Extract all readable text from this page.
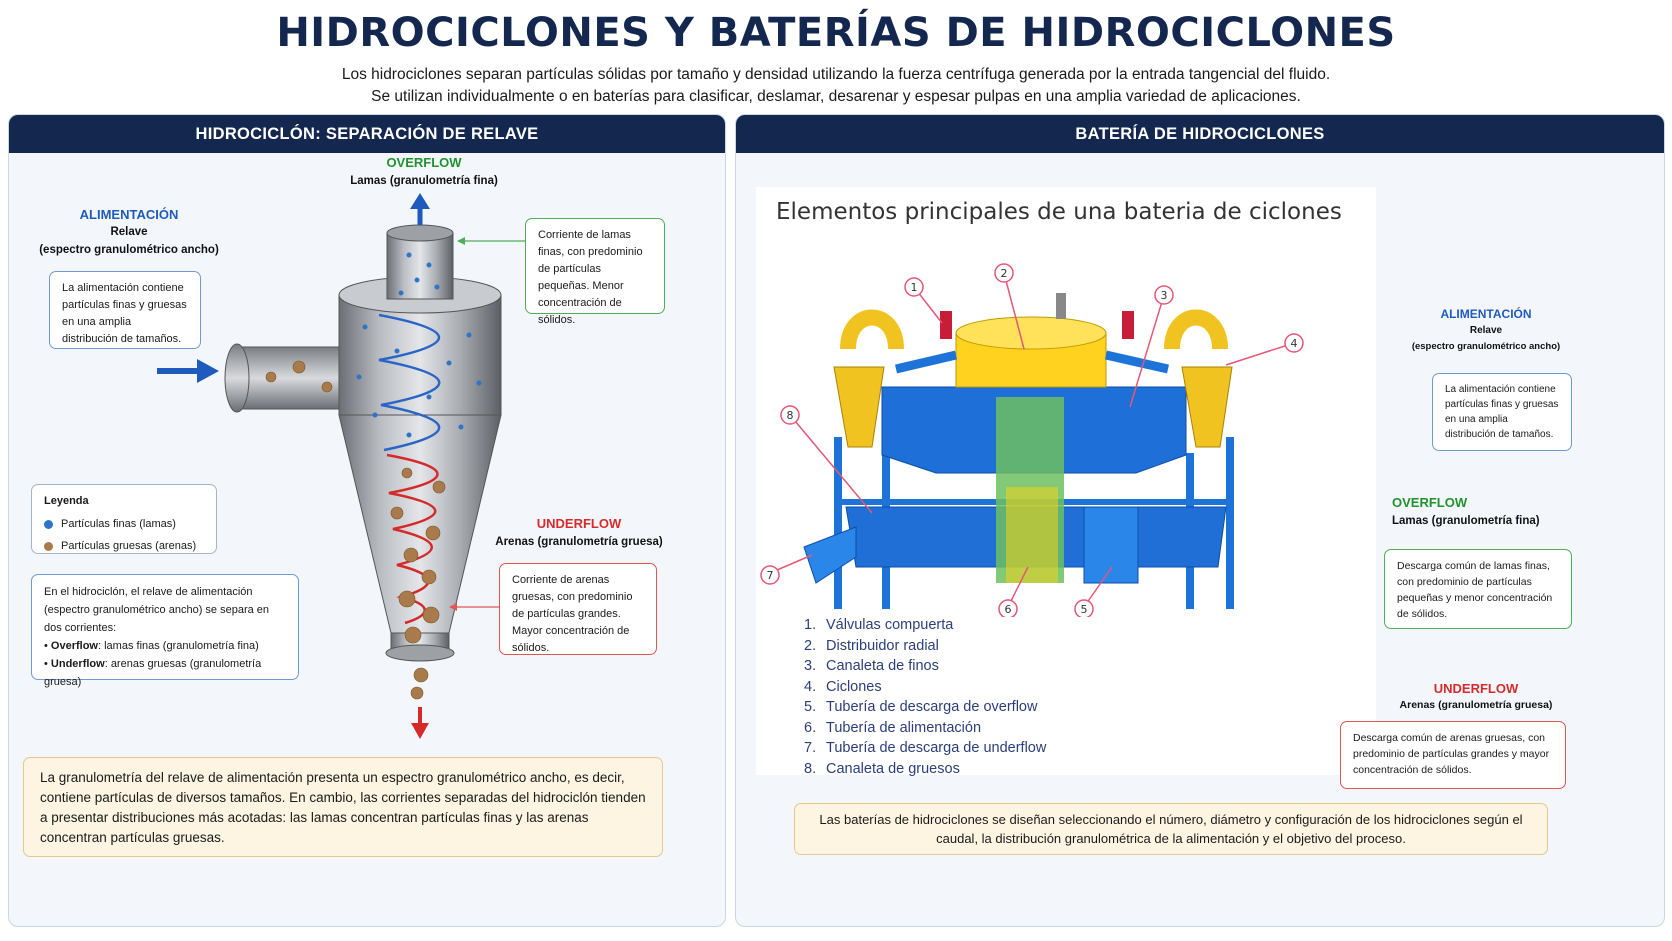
HIDROCICLONES Y BATERÍAS DE HIDROCICLONES
Los hidrociclones separan partículas sólidas por tamaño y densidad utilizando la fuerza centrífuga generada por la entrada tangencial del fluido.
Se utilizan individualmente o en baterías para clasificar, deslamar, desarenar y espesar pulpas en una amplia variedad de aplicaciones.
HIDROCICLÓN: SEPARACIÓN DE RELAVE
OVERFLOW
Lamas (granulometría fina)
ALIMENTACIÓN
Relave
(espectro granulométrico ancho)
La alimentación contiene partículas finas y gruesas en una amplia distribución de tamaños.
Corriente de lamas finas, con predominio de partículas pequeñas. Menor concentración de sólidos.
UNDERFLOW
Arenas (granulometría gruesa)
Corriente de arenas gruesas, con predominio de partículas grandes. Mayor concentración de sólidos.
Leyenda
Partículas finas (lamas)
Partículas gruesas (arenas)
En el hidrociclón, el relave de alimentación (espectro granulométrico ancho) se separa en dos corrientes:
• Overflow: lamas finas (granulometría fina)
• Underflow: arenas gruesas (granulometría gruesa)
La granulometría del relave de alimentación presenta un espectro granulométrico ancho, es decir, contiene partículas de diversos tamaños. En cambio, las corrientes separadas del hidrociclón tienden a presentar distribuciones más acotadas: las lamas concentran partículas finas y las arenas concentran partículas gruesas.
BATERÍA DE HIDROCICLONES
Elementos principales de una bateria de ciclones
1
2
3
4
5
6
7
8
1. Válvulas compuerta
2. Distribuidor radial
3. Canaleta de finos
4. Ciclones
5. Tubería de descarga de overflow
6. Tubería de alimentación
7. Tubería de descarga de underflow
8. Canaleta de gruesos
ALIMENTACIÓN
Relave
(espectro granulométrico ancho)
La alimentación contiene partículas finas y gruesas en una amplia distribución de tamaños.
OVERFLOW
Lamas (granulometría fina)
Descarga común de lamas finas, con predominio de partículas pequeñas y menor concentración de sólidos.
UNDERFLOW
Arenas (granulometría gruesa)
Descarga común de arenas gruesas, con predominio de partículas grandes y mayor concentración de sólidos.
Las baterías de hidrociclones se diseñan seleccionando el número, diámetro y configuración de los hidrociclones según el caudal, la distribución granulométrica de la alimentación y el objetivo del proceso.
